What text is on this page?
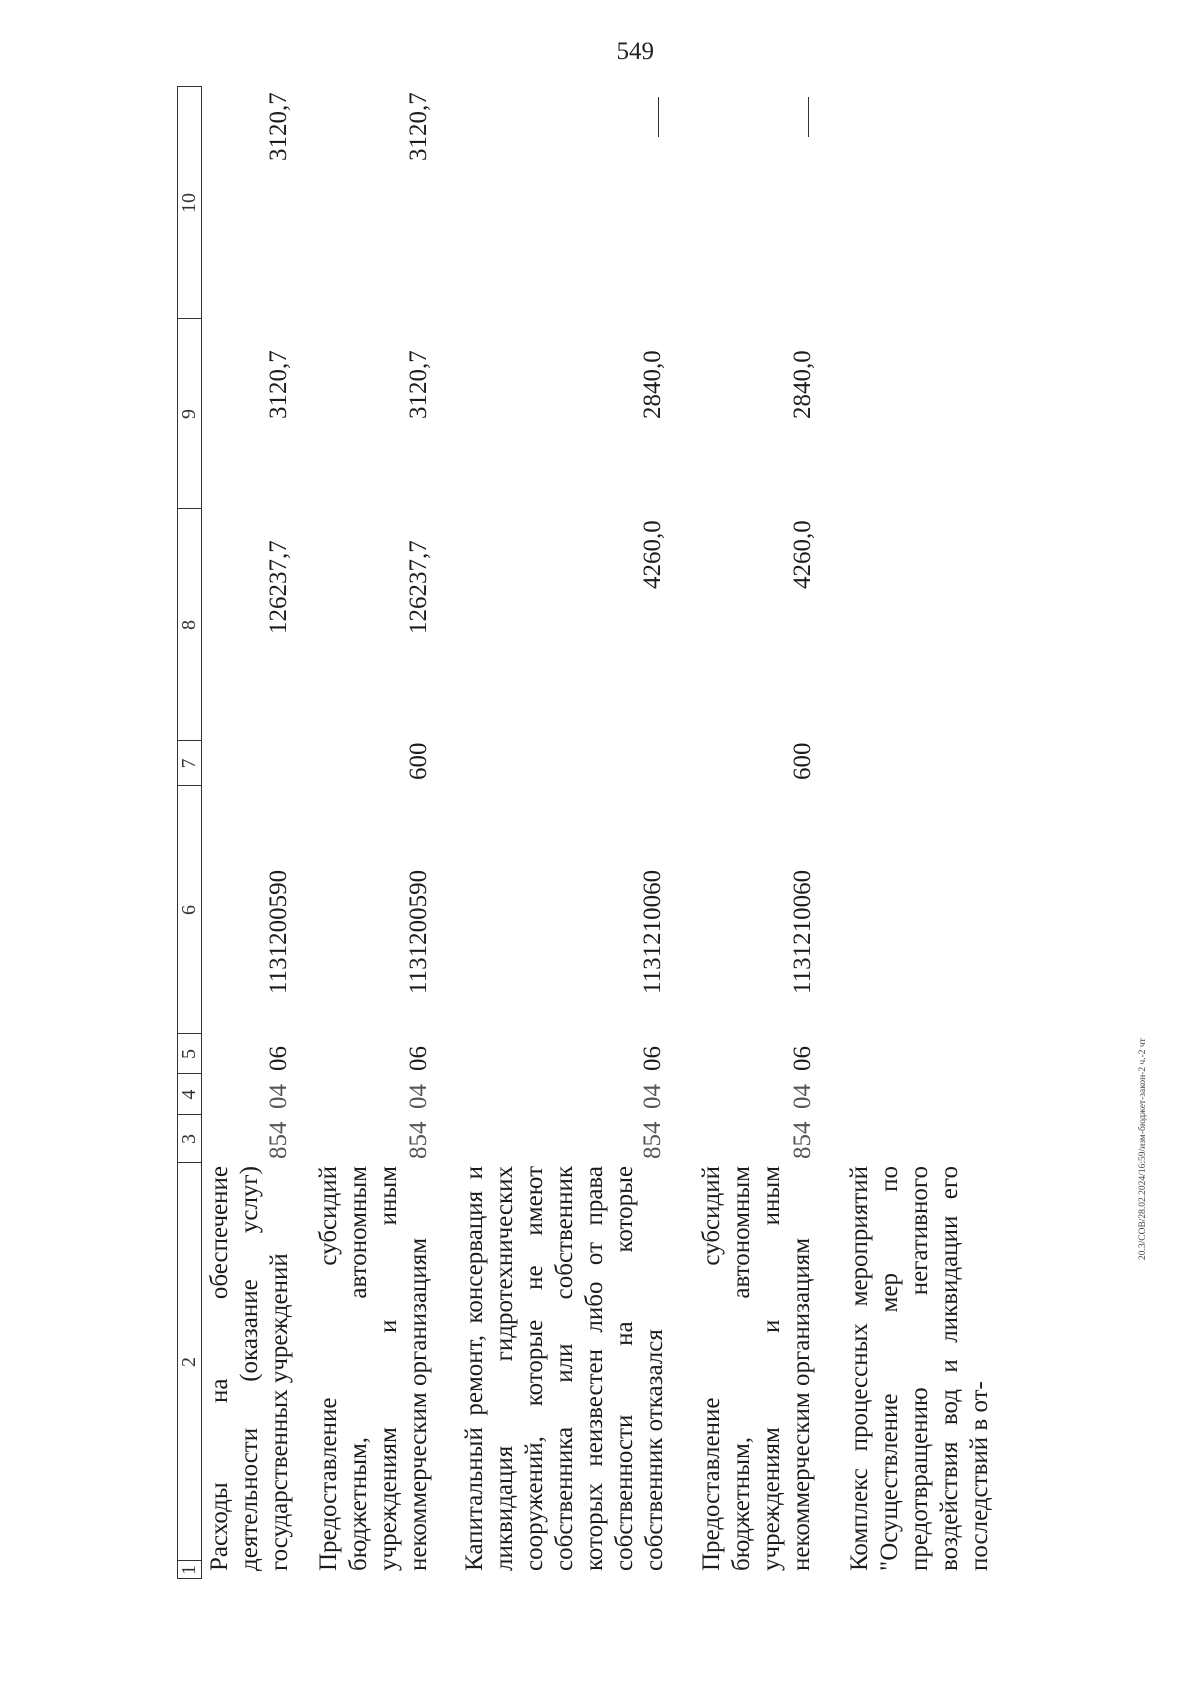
549
20.3/СОВ/28.02.2024/16:59/изм-бюджет-закон-2 ч.-2 чт
1
2
3
4
5
6
7
8
9
10
Расходы на обеспечение деятельности (оказание услуг) государственных учреждений
854
04
06
1131200590
126237,7
3120,7
3120,7
Предоставление субсидий бюджетным, автономным учреждениям и иным некоммерческим организациям
854
04
06
1131200590
600
126237,7
3120,7
3120,7
Капитальный ремонт, консервация и ликвидация гидротехнических сооружений, которые не имеют собственника или собственник которых неизвестен либо от права собственности на которые собственник отказался
854
04
06
1131210060
4260,0
2840,0
Предоставление субсидий бюджетным, автономным учреждениям и иным некоммерческим организациям
854
04
06
1131210060
600
4260,0
2840,0
Комплекс процессных мероприятий "Осуществление мер по предотвращению негативного воздействия вод и ликвидации его последствий в от-
